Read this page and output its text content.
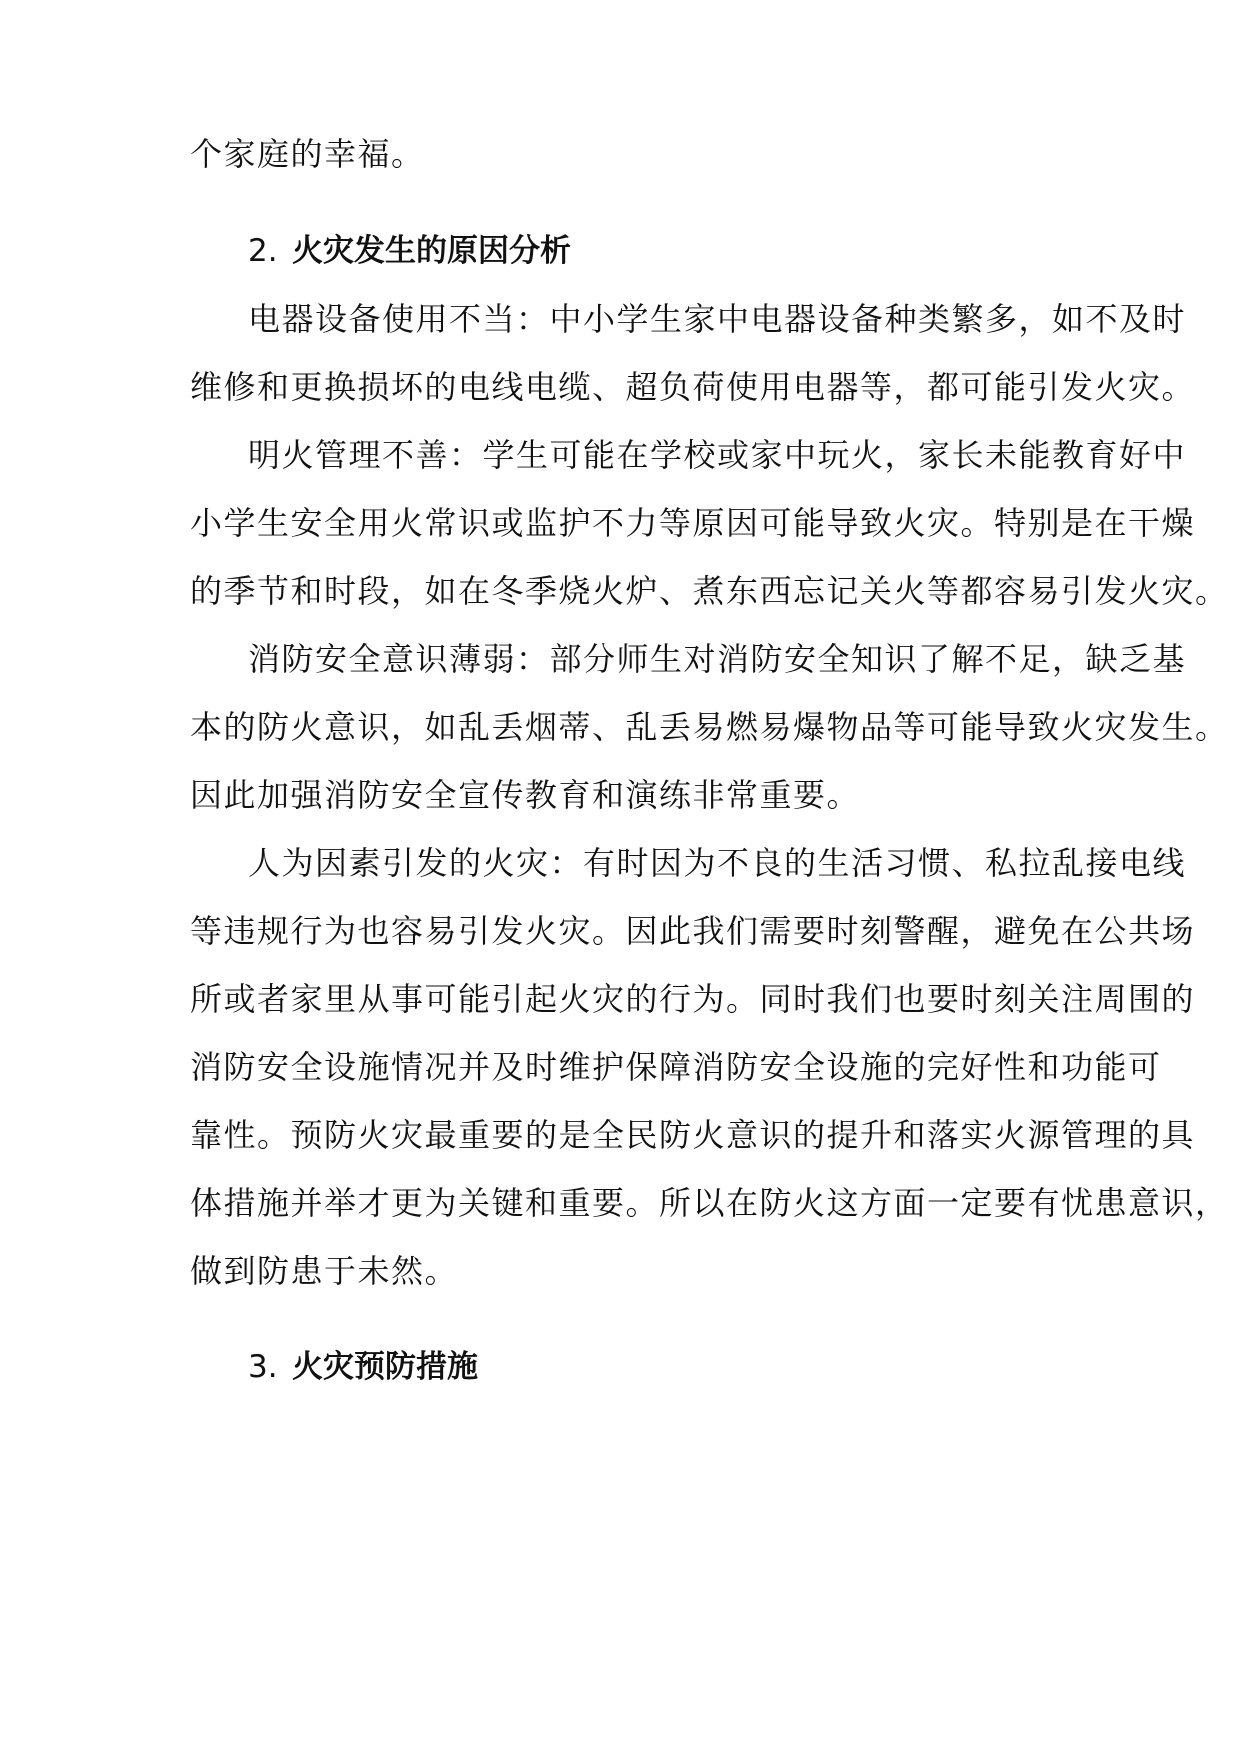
个家庭的幸福。
2. 火灾发生的原因分析
电器设备使用不当：中小学生家中电器设备种类繁多，如不及时
维修和更换损坏的电线电缆、超负荷使用电器等，都可能引发火灾。
明火管理不善：学生可能在学校或家中玩火，家长未能教育好中
小学生安全用火常识或监护不力等原因可能导致火灾。特别是在干燥
的季节和时段，如在冬季烧火炉、煮东西忘记关火等都容易引发火灾。
消防安全意识薄弱：部分师生对消防安全知识了解不足，缺乏基
本的防火意识，如乱丢烟蒂、乱丢易燃易爆物品等可能导致火灾发生。
因此加强消防安全宣传教育和演练非常重要。
人为因素引发的火灾：有时因为不良的生活习惯、私拉乱接电线
等违规行为也容易引发火灾。因此我们需要时刻警醒，避免在公共场
所或者家里从事可能引起火灾的行为。同时我们也要时刻关注周围的
消防安全设施情况并及时维护保障消防安全设施的完好性和功能可
靠性。预防火灾最重要的是全民防火意识的提升和落实火源管理的具
体措施并举才更为关键和重要。所以在防火这方面一定要有忧患意识，
做到防患于未然。
3. 火灾预防措施
